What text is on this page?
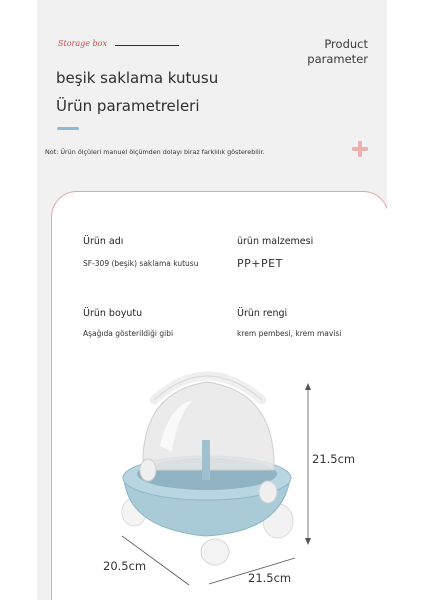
Storage box	Product
parameter
beşik saklama kutusu
Ürün parametreleri
Not: Ürün ölçüleri manuel ölçümden dolayı biraz farklılık gösterebilir.
Ürün adı
SF-309 (beşik) saklama kutusu
ürün malzemesi
PP+PET
Ürün boyutu
Aşağıda gösterildiği gibi
Ürün rengi
krem pembesi, krem mavisi
21.5cm
20.5cm
21.5cm
